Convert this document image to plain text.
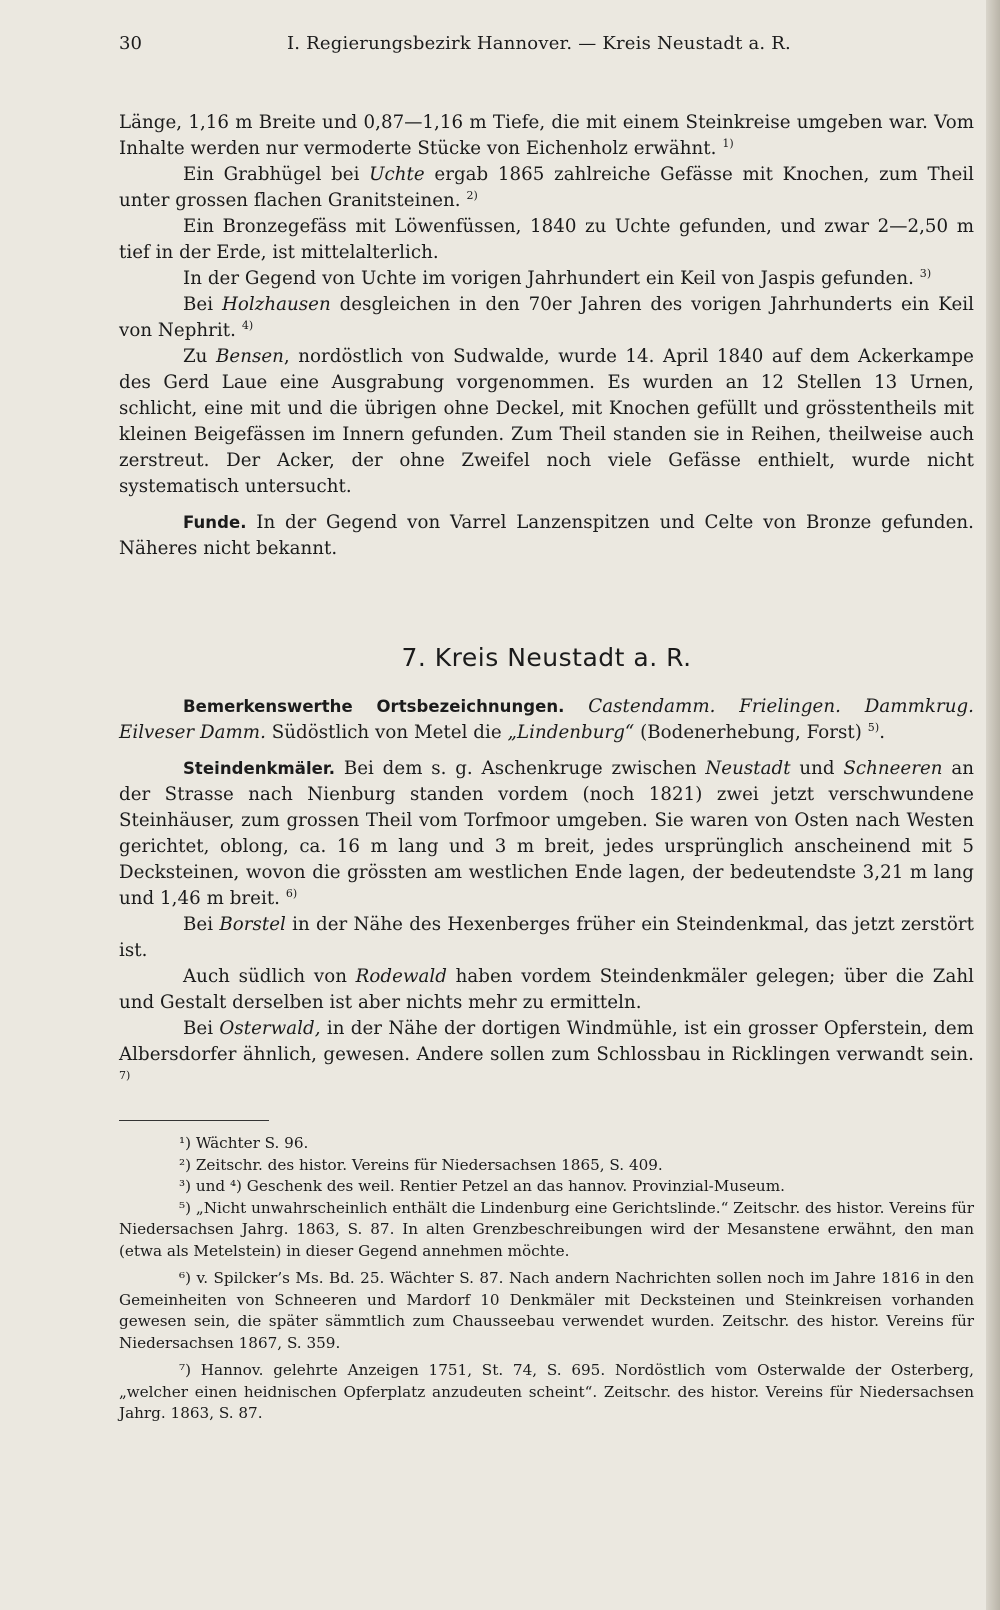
30	I. Regierungsbezirk Hannover. — Kreis Neustadt a. R.

Länge, 1,16 m Breite und 0,87—1,16 m Tiefe, die mit einem Steinkreise umgeben war. Vom Inhalte werden nur vermoderte Stücke von Eichenholz erwähnt. $^{1)}$

Ein Grabhügel bei Uchte ergab 1865 zahlreiche Gefässe mit Knochen, zum Theil unter grossen flachen Granitsteinen. $^{2)}$

Ein Bronzegefäss mit Löwenfüssen, 1840 zu Uchte gefunden, und zwar 2—2,50 m tief in der Erde, ist mittelalterlich.

In der Gegend von Uchte im vorigen Jahrhundert ein Keil von Jaspis gefunden. $^{3)}$

Bei Holzhausen desgleichen in den 70er Jahren des vorigen Jahrhunderts ein Keil von Nephrit. $^{4)}$

Zu Bensen, nordöstlich von Sudwalde, wurde 14. April 1840 auf dem Ackerkampe des Gerd Laue eine Ausgrabung vorgenommen. Es wurden an 12 Stellen 13 Urnen, schlicht, eine mit und die übrigen ohne Deckel, mit Knochen gefüllt und grösstentheils mit kleinen Beigefässen im Innern gefunden. Zum Theil standen sie in Reihen, theilweise auch zerstreut. Der Acker, der ohne Zweifel noch viele Gefässe enthielt, wurde nicht systematisch untersucht.

Funde. In der Gegend von Varrel Lanzenspitzen und Celte von Bronze gefunden. Näheres nicht bekannt.

7. Kreis Neustadt a. R.

Bemerkenswerthe Ortsbezeichnungen. Castendamm. Frielingen. Dammkrug. Eilveser Damm. Südöstlich von Metel die „Lindenburg“ (Bodenerhebung, Forst) $^{5)}$.

Steindenkmäler. Bei dem s. g. Aschenkruge zwischen Neustadt und Schneeren an der Strasse nach Nienburg standen vordem (noch 1821) zwei jetzt verschwundene Steinhäuser, zum grossen Theil vom Torfmoor umgeben. Sie waren von Osten nach Westen gerichtet, oblong, ca. 16 m lang und 3 m breit, jedes ursprünglich anscheinend mit 5 Decksteinen, wovon die grössten am westlichen Ende lagen, der bedeutendste 3,21 m lang und 1,46 m breit. $^{6)}$

Bei Borstel in der Nähe des Hexenberges früher ein Steindenkmal, das jetzt zerstört ist.

Auch südlich von Rodewald haben vordem Steindenkmäler gelegen; über die Zahl und Gestalt derselben ist aber nichts mehr zu ermitteln.

Bei Osterwald, in der Nähe der dortigen Windmühle, ist ein grosser Opferstein, dem Albersdorfer ähnlich, gewesen. Andere sollen zum Schlossbau in Ricklingen verwandt sein. $^{7)}$

¹) Wächter S. 96.

²) Zeitschr. des histor. Vereins für Niedersachsen 1865, S. 409.

³) und ⁴) Geschenk des weil. Rentier Petzel an das hannov. Provinzial-Museum.

⁵) „Nicht unwahrscheinlich enthält die Lindenburg eine Gerichtslinde.“ Zeitschr. des histor. Vereins für Niedersachsen Jahrg. 1863, S. 87. In alten Grenzbeschreibungen wird der Mesanstene erwähnt, den man (etwa als Metelstein) in dieser Gegend annehmen möchte.

⁶) v. Spilcker’s Ms. Bd. 25. Wächter S. 87. Nach andern Nachrichten sollen noch im Jahre 1816 in den Gemeinheiten von Schneeren und Mardorf 10 Denkmäler mit Decksteinen und Steinkreisen vorhanden gewesen sein, die später sämmtlich zum Chausseebau verwendet wurden. Zeitschr. des histor. Vereins für Niedersachsen 1867, S. 359.

⁷) Hannov. gelehrte Anzeigen 1751, St. 74, S. 695. Nordöstlich vom Osterwalde der Osterberg, „welcher einen heidnischen Opferplatz anzudeuten scheint“. Zeitschr. des histor. Vereins für Niedersachsen Jahrg. 1863, S. 87.
